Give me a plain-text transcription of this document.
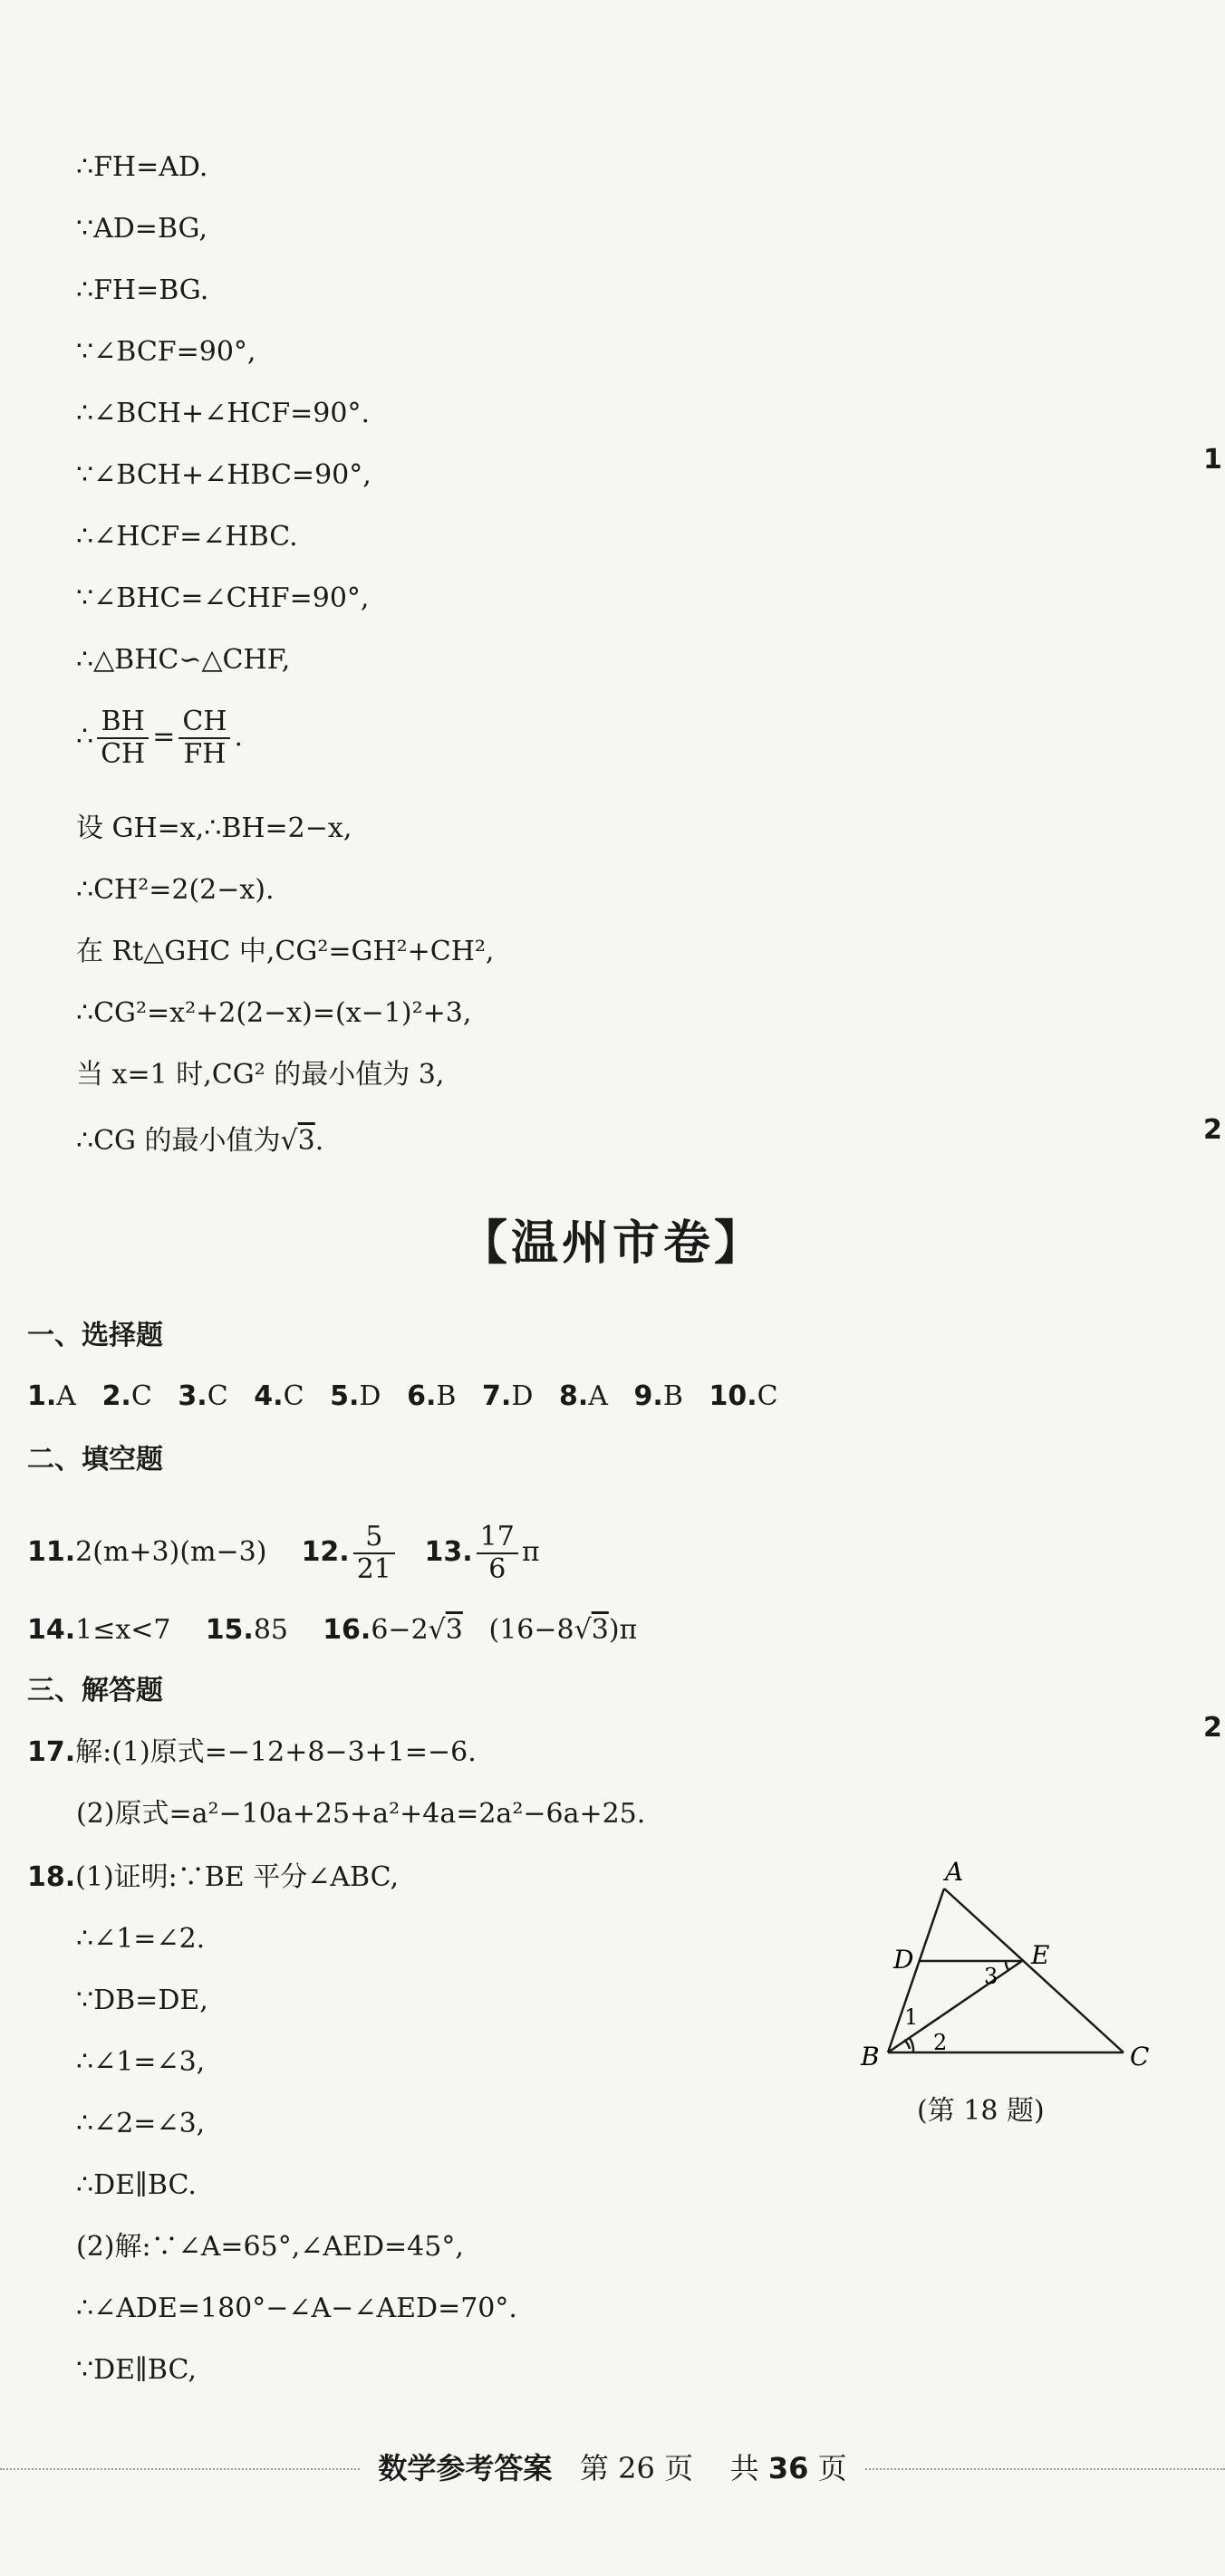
∴FH=AD.
∵AD=BG,
∴FH=BG.
∵∠BCF=90°,
∴∠BCH+∠HCF=90°.
∵∠BCH+∠HBC=90°,
∴∠HCF=∠HBC.
∵∠BHC=∠CHF=90°,
∴△BHC∽△CHF,
∴ $\frac{BH}{CH} = \frac{CH}{FH}$ .
设 GH=x,∴BH=2−x,
∴CH²=2(2−x).
在 Rt△GHC 中,CG²=GH²+CH²,
∴CG²=x²+2(2−x)=(x−1)²+3,
当 x=1 时,CG² 的最小值为 3,
∴CG 的最小值为√3.
1
2
2
【温州市卷】
一、选择题
1.A 2.C 3.C 4.C 5.D 6.B 7.D 8.A 9.B 10.C
二、填空题
11.2(m+3)(m−3) 12. $\frac{5}{21} 13$. $\frac{17}{6}$ π
14.1≤x<7 15.85 16.6−2√3 (16−8√3)π
三、解答题
17.解:(1)原式=−12+8−3+1=−6.
(2)原式=a²−10a+25+a²+4a=2a²−6a+25.
18.(1)证明:∵BE 平分∠ABC,
∴∠1=∠2.
∵DB=DE,
∴∠1=∠3,
∴∠2=∠3,
∴DE∥BC.
(2)解:∵∠A=65°,∠AED=45°,
∴∠ADE=180°−∠A−∠AED=70°.
∵DE∥BC,
A
D	E
B	C
1
2
3
(第 18 题)
数学参考答案 第 26 页 共 36 页
